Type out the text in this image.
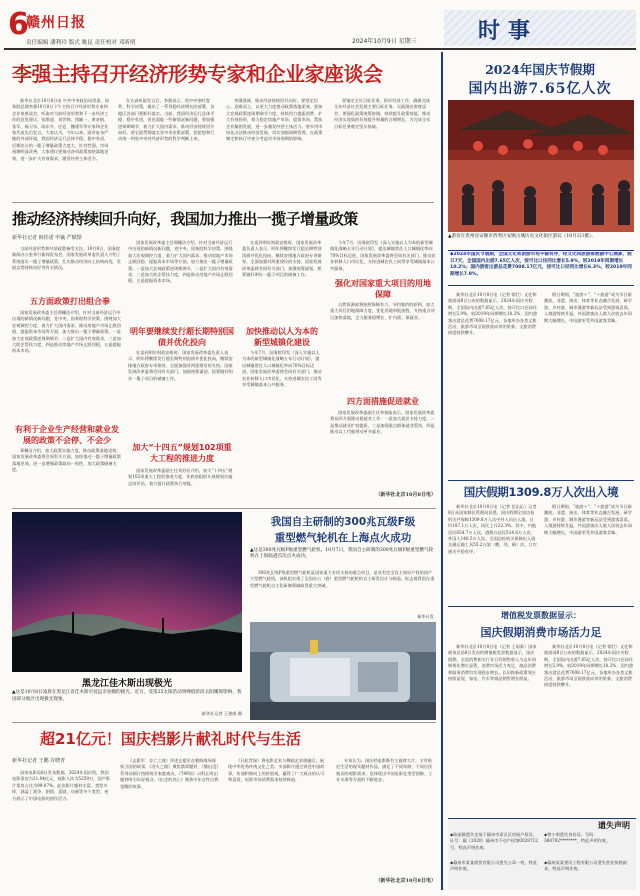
6
赣州日报
责任编辑 潘利玲 版式 姚昆 责任校对 邓昕明	2024年10月9日 星期三	时事
李强主持召开经济形势专家和企业家座谈会

新华社北京10月8日电 中共中央政治局常委、国务院总理李强10月8日下午主持召开经济形势专家和企业家座谈会，听取对当前经济形势和下一步经济工作的意见建议。张维迎、刘世锦、钱颖一、黄奇帆、张军、杨卫东、陈东升、庄廷、魏建军等专家和企业家代表先后发言。大家认为，今年以来，面对复杂严峻的外部环境，我国经济运行总体平稳、稳中有进，近期出台的一揽子增量政策力度大、针对性强，市场预期明显改善，大家建议要推动各项政策加快落地见效，进一步扩大有效需求，激发经营主体活力。

在认真听取发言后，李强表示，党中央审时度势、科学决策，做出了一系列稳经济增长的部署，各地区各部门要抓好落实。当前，我国经济运行总体平稳、稳中有进，但也面临一些新情况新问题，要加强逆周期调节，着力扩大国内需求，推动经济持续回升向好。要全面贯彻落实党中央决策部署，把思想和行动统一到党中央对经济形势的科学判断上来。

李强强调，推动经济持续回升向好，要坚定信心、迎难而上，以更大力度推动政策落地见效。要加大宏观政策逆周期调节力度，持续用力提振消费、扩大有效投资，着力稳定房地产市场、股票市场，帮扶企业解困发展，进一步激发经营主体活力。要多用市场化办法推动经济发展，切实加强预期管理，在政策制定和执行中充分考虑对市场预期的影响。

要锚定全年目标任务，抓好经济工作，确保完成全年经济社会发展主要目标任务。吴政隆出席座谈会。要强化政策统筹协调，持续提升政策效能，推动经济实现质的有效提升和量的合理增长，为完成全年目标任务奠定坚实基础。

推动经济持续回升向好，我国加力推出一揽子增量政策
新华社记者 韩佳诺 申铖 严赋憬

当前经济形势和经济政策备受关注。10月8日，国务院新闻办公室举行新闻发布会，国家发展改革委负责人介绍了系统落实一揽子增量政策，扎实推动经济向上结构向优、发展态势持续向好等有关情况。

五方面政策打出组合拳

国家发展改革委主任郑栅洁介绍，针对当前经济运行中出现的新情况新问题，党中央、国务院科学决策，围绕加大宏观调控力度、着力扩大国内需求、推动房地产市场止跌回稳、提振资本市场等方面，加力推出一揽子增量政策。一是加大宏观政策逆周期调节，二是扩大国内有效需求，三是加大助企帮扶力度，四是推动房地产市场止跌回稳，五是提振资本市场。

有利于企业生产经营和就业发展的政策不会停、不会少

郑栅洁介绍，加大政策实施力度，推动政策落地见效。国家发展改革委将会同有关方面，加快推动一揽子增量政策落地见效，进一步增强政策取向一致性，加大政策储备力度。

国家发展改革委主任郑栅洁介绍，针对当前经济运行中出现的新情况新问题，党中央、国务院科学决策，围绕加大宏观调控力度、着力扩大国内需求、推动房地产市场止跌回稳、提振资本市场等方面，加力推出一揽子增量政策。一是加大宏观政策逆周期调节，二是扩大国内有效需求，三是加大助企帮扶力度，四是推动房地产市场止跌回稳，五是提振资本市场。

明年要继续发行超长期特别国债并优化投向

在谈到明年财政安排时，国家发展改革委负责人表示，明年将继续发行超长期特别国债并优化投向，继续安排地方政府专项债券，全面加强对两重建设的支持。国家发展改革委将会同有关部门，加强统筹谋划，抓紧做好明年一揽子项目的储备工作。

加大“十四五”规划102项重大工程的推进力度

国家发展改革委副主任刘苏社介绍，加大“十四五”规划102项重大工程的推进力度，年底前组织开展规划实施总结评估，着力提升政策执行效能。

在谈到明年财政安排时，国家发展改革委负责人表示，明年将继续发行超长期特别国债并优化投向，继续安排地方政府专项债券，全面加强对两重建设的支持。国家发展改革委将会同有关部门，加强统筹谋划，抓紧做好明年一揽子项目的储备工作。

加快推动以人为本的新型城镇化建设

今年7月，国务院印发《深入实施以人为本的新型城镇化战略五年行动计划》，提出城镇常住人口城镇化率向70%目标迈进。国家发展改革委将会同有关部门，推动农业转移人口市民化，支持进城农民工同等享受城镇基本公共服务。

今年7月，国务院印发《深入实施以人为本的新型城镇化战略五年行动计划》，提出城镇常住人口城镇化率向70%目标迈进。国家发展改革委将会同有关部门，推动农业转移人口市民化，支持进城农民工同等享受城镇基本公共服务。

强化对国家重大项目的用地保障

自然资源部将按照保障有力、节约集约的原则，加大重大项目用地保障力度，优化用地审批流程，支持重点项目加快落地，全力服务稳增长、扩内需、保就业。

四方面措施促进就业

国家发展改革委副主任李春临表示，国家发展改革委将从四方面推动稳就业工作：一是加大就业支持力度，二是推动就业扩容提质，三是加强重点群体就业帮扶，四是推动以工代赈带动更多就业。

（新华社北京10月8日电）
黑龙江佳木斯出现极光
▲这是10月8日凌晨在黑龙江省佳木斯市抚远市拍摄的极光。近日，受第25太阳活动周峰值阶段太阳耀斑影响，我国部分地区出现极光现象。
新华社记者 王建威 摄
我国自主研制的300兆瓦级F级
重型燃气轮机在上海点火成功
▲这是300兆瓦级F级重型燃气轮机。10月7日，我国自主研制的300兆瓦级F级重型燃气轮机在上海临港首次点火成功。

300兆瓦级F级重型燃气轮机是国家重大专项支持的重点项目，是具有完全自主知识产权的国产大型燃气轮机，该机组实现了全国首台（套）重型燃气轮机的自主研发设计与制造，标志着我国在重型燃气轮机自主化研制领域取得重大突破。

新华社发
超21亿元！国庆档影片献礼时代与生活
新华社记者 王鹏 许晓青

国家电影局8日发布数据，2024年国庆档，我国电影票房为21.04亿元，观影人次为5259万，国产影片票房占比为99.07%。此次影片题材丰富，类型多样，涵盖了战争、剧情、喜剧、动画等多个类型，充分展示了中国电影的创作活力。

《志愿军：存亡之战》讲述志愿军在朝鲜战场保家卫国的故事，《浴火之路》聚焦禁毒题材，《熊出没》系列动画片持续吸引家庭观众，《749局》以科幻奇幻题材吸引年轻观众，《出走的决心》聚焦中年女性自我觉醒的故事。

《只此青绿》将电影艺术与舞蹈艺术相融合，展现中华优秀传统文化之美。多部影片通过讲述中国故事，传递积极向上的价值观，赢得了广大观众的认可和喜爱，电影市场消费需求持续释放。

专家认为，国庆档电影既有主旋律大片，又有贴近生活的现实题材作品，满足了不同年龄、不同层次观众的观影需求，也体现出中国电影在类型创新、工业水准等方面的不断进步。

（新华社北京10月8日电）
2024年国庆节假期
国内出游7.65亿人次
▲游客在贵州省安顺市西秀区安顺古城历史文化街区游玩（10月2日摄）。
◆2024年国庆节假期，全国文化和旅游市场平稳有序，经文化和旅游部数据中心测算，假日7天，全国国内出游7.65亿人次，按可比口径同比增长5.9%，较2019年同期增长10.2%；国内游客出游总花费7008.17亿元，按可比口径同比增长6.3%，较2019年同期增长7.9%。

新华社北京10月8日电（记者 徐壮）文化和旅游部8日公布的数据显示，2024年国庆节假期，全国国内出游7.65亿人次，按可比口径同比增长5.9%，较2019年同期增长10.2%；国内游客出游总花费7008.17亿元。各地举办各类文旅活动，旅游市场呈现欣欣向荣的景象，文旅消费热度持续攀升。

假日期间，“旅游＋”、“＋旅游”成为节日新潮流，非遗、演出、体育等业态融合发展，研学游、乡村游、城市漫游等新玩法受到游客喜爱。入境游持续升温，外国游客出入境人次较去年同期大幅增长，中国游更受外国游客青睐。

国庆假期1309.8万人次出入境

新华社北京10月8日电（记者 任沁沁）记者8日从国家移民管理局获悉，国庆假期全国边检机关共保障1309.8万人次中外人员出入境，日均187.1万人次，同比上升22.3%。其中，内地居民654.7万人次，港澳台居民514.6万人次，外国人140.5万人次。全国边检机关保障出入境交通运输工具55.2万架（艘、列、辆）次，口岸通关平稳有序。

假日期间，“旅游＋”、“＋旅游”成为节日新潮流，非遗、演出、体育等业态融合发展，研学游、乡村游、城市漫游等新玩法受到游客喜爱。入境游持续升温，外国游客出入境人次较去年同期大幅增长，中国游更受外国游客青睐。

增值税发票数据显示：
国庆假期消费市场活力足

新华社北京10月8日电（记者 王雨萧）国家税务总局8日发布的增值税发票数据显示，国庆假期，全国消费相关行业日均销售收入与去年同期相比增长显著，消费市场活力充足，商品消费和服务消费均实现稳步增长。以旧换新政策效应持续显现，家电、汽车等商品销售增长明显。

新华社北京10月8日电（记者 徐壮）文化和旅游部8日公布的数据显示，2024年国庆节假期，全国国内出游7.65亿人次，按可比口径同比增长5.9%，较2019年同期增长10.2%；国内游客出游总花费7008.17亿元。各地举办各类文旅活动，旅游市场呈现欣欣向荣的景象，文旅消费热度持续攀升。

遗失声明
◆陈丽群遗失坐落于赣州市章贡区房屋产权证，证号：赣（2020）赣州市不动产权第0028712号，特此声明作废。
◆赣州市某某商贸有限公司遗失公章一枚，特此声明作废。
◆曾小明遗失身份证，号码：360702********，特此声明作废。
◆赣州某某建设工程有限公司遗失营业执照副本，特此声明作废。
